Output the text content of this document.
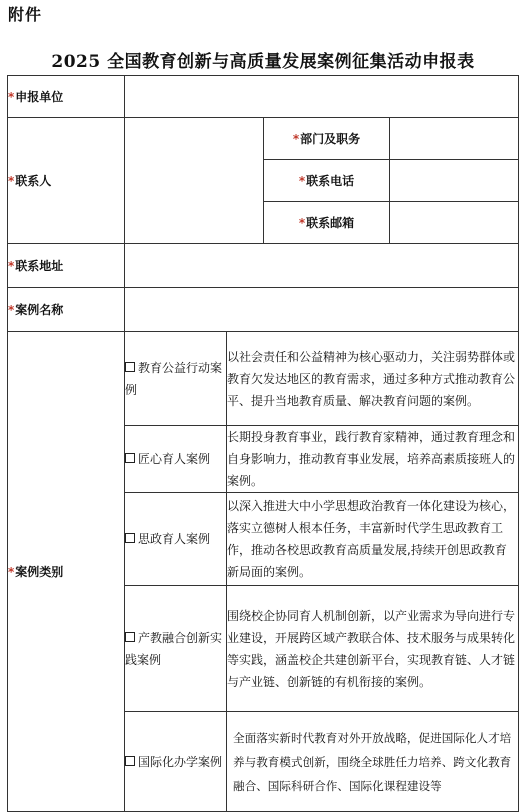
附件
2025 全国教育创新与高质量发展案例征集活动申报表
*申报单位				
*联系人			*部门及职务	
			*联系电话	
			*联系邮箱	
*联系地址				
*案例名称				
*案例类别	教育公益行动案例	以社会责任和公益精神为核心驱动力，关注弱势群体或教育欠发达地区的教育需求，通过多种方式推动教育公平、提升当地教育质量、解决教育问题的案例。		
	匠心育人案例	长期投身教育事业，践行教育家精神，通过教育理念和自身影响力，推动教育事业发展，培养高素质接班人的案例。		
	思政育人案例	以深入推进大中小学思想政治教育一体化建设为核心，落实立德树人根本任务，丰富新时代学生思政教育工作，推动各校思政教育高质量发展,持续开创思政教育新局面的案例。		
	产教融合创新实践案例	围绕校企协同育人机制创新，以产业需求为导向进行专业建设，开展跨区域产教联合体、技术服务与成果转化等实践，涵盖校企共建创新平台，实现教育链、人才链与产业链、创新链的有机衔接的案例。		
	国际化办学案例	全面落实新时代教育对外开放战略，促进国际化人才培养与教育模式创新，围绕全球胜任力培养、跨文化教育融合、国际科研合作、国际化课程建设等		
